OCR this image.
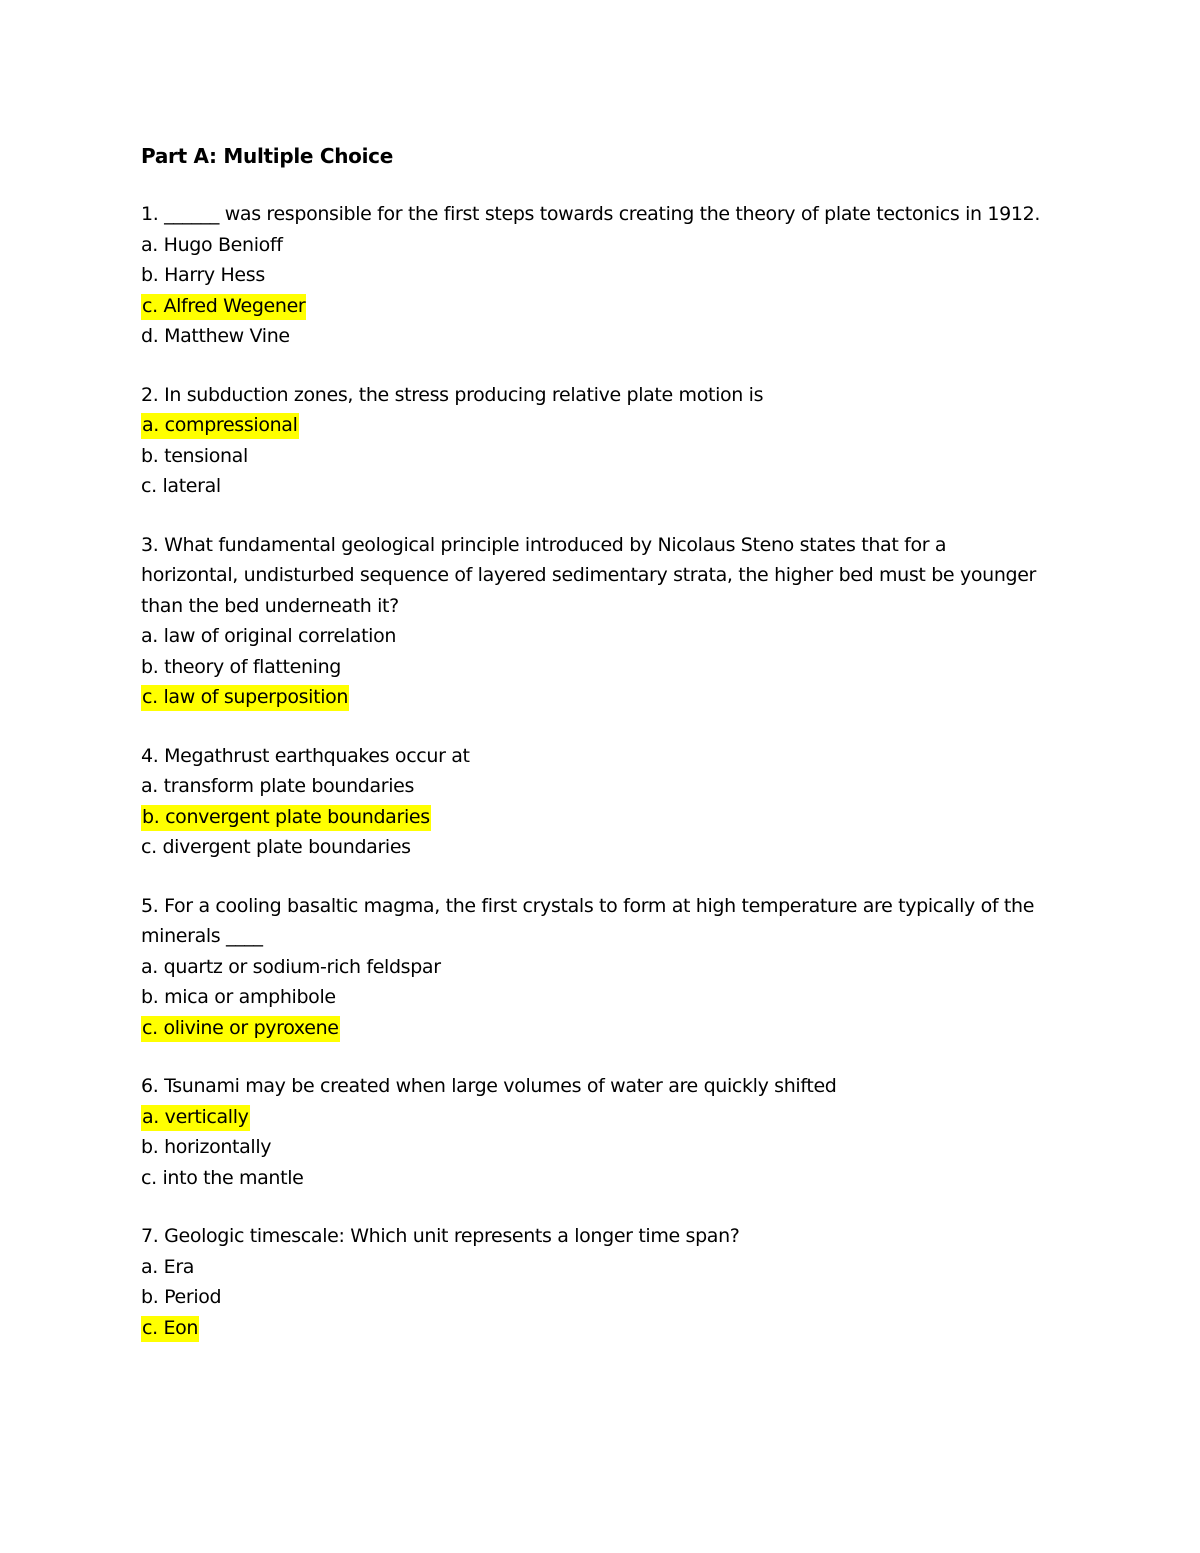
Part A: Multiple Choice
1. ______ was responsible for the first steps towards creating the theory of plate tectonics in 1912.
a. Hugo Benioff
b. Harry Hess
c. Alfred Wegener
d. Matthew Vine
2. In subduction zones, the stress producing relative plate motion is
a. compressional
b. tensional
c. lateral
3. What fundamental geological principle introduced by Nicolaus Steno states that for a horizontal, undisturbed sequence of layered sedimentary strata, the higher bed must be younger than the bed underneath it?
a. law of original correlation
b. theory of flattening
c. law of superposition
4. Megathrust earthquakes occur at
a. transform plate boundaries
b. convergent plate boundaries
c. divergent plate boundaries
5. For a cooling basaltic magma, the first crystals to form at high temperature are typically of the minerals ____
a. quartz or sodium-rich feldspar
b. mica or amphibole
c. olivine or pyroxene
6. Tsunami may be created when large volumes of water are quickly shifted
a. vertically
b. horizontally
c. into the mantle
7. Geologic timescale: Which unit represents a longer time span?
a. Era
b. Period
c. Eon
